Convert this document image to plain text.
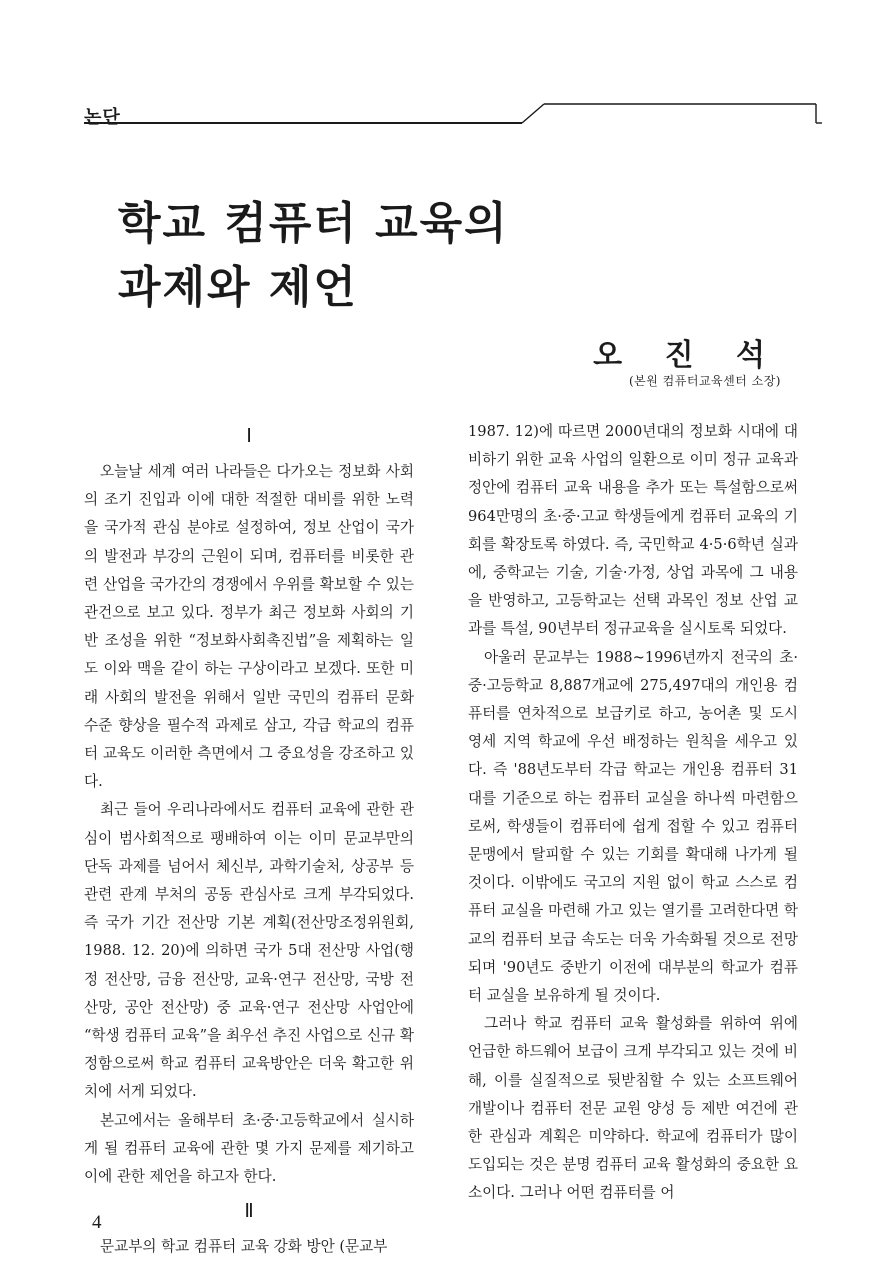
논단
학교 컴퓨터 교육의
과제와 제언
오 진 석
(본원 컴퓨터교육센터 소장)
Ⅰ

오늘날 세계 여러 나라들은 다가오는 정보화 사회의 조기 진입과 이에 대한 적절한 대비를 위한 노력을 국가적 관심 분야로 설정하여, 정보 산업이 국가의 발전과 부강의 근원이 되며, 컴퓨터를 비롯한 관련 산업을 국가간의 경쟁에서 우위를 확보할 수 있는 관건으로 보고 있다. 정부가 최근 정보화 사회의 기반 조성을 위한 “정보화사회촉진법”을 제획하는 일도 이와 맥을 같이 하는 구상이라고 보겠다. 또한 미래 사회의 발전을 위해서 일반 국민의 컴퓨터 문화 수준 향상을 필수적 과제로 삼고, 각급 학교의 컴퓨터 교육도 이러한 측면에서 그 중요성을 강조하고 있다.

최근 들어 우리나라에서도 컴퓨터 교육에 관한 관심이 범사회적으로 팽배하여 이는 이미 문교부만의 단독 과제를 넘어서 체신부, 과학기술처, 상공부 등 관련 관계 부처의 공동 관심사로 크게 부각되었다. 즉 국가 기간 전산망 기본 계획(전산망조정위원회, 1988. 12. 20)에 의하면 국가 5대 전산망 사업(행정 전산망, 금융 전산망, 교육·연구 전산망, 국방 전산망, 공안 전산망) 중 교육·연구 전산망 사업안에 “학생 컴퓨터 교육”을 최우선 추진 사업으로 신규 확정함으로써 학교 컴퓨터 교육방안은 더욱 확고한 위치에 서게 되었다.

본고에서는 올해부터 초·중·고등학교에서 실시하게 될 컴퓨터 교육에 관한 몇 가지 문제를 제기하고 이에 관한 제언을 하고자 한다.

Ⅱ

문교부의 학교 컴퓨터 교육 강화 방안 (문교부

1987. 12)에 따르면 2000년대의 정보화 시대에 대비하기 위한 교육 사업의 일환으로 이미 정규 교육과정안에 컴퓨터 교육 내용을 추가 또는 특설함으로써 964만명의 초·중·고교 학생들에게 컴퓨터 교육의 기회를 확장토록 하였다. 즉, 국민학교 4·5·6학년 실과에, 중학교는 기술, 기술·가정, 상업 과목에 그 내용을 반영하고, 고등학교는 선택 과목인 정보 산업 교과를 특설, 90년부터 정규교육을 실시토록 되었다.

아울러 문교부는 1988~1996년까지 전국의 초·중·고등학교 8,887개교에 275,497대의 개인용 컴퓨터를 연차적으로 보급키로 하고, 농어촌 및 도시 영세 지역 학교에 우선 배정하는 원칙을 세우고 있다. 즉 '88년도부터 각급 학교는 개인용 컴퓨터 31대를 기준으로 하는 컴퓨터 교실을 하나씩 마련함으로써, 학생들이 컴퓨터에 쉽게 접할 수 있고 컴퓨터 문맹에서 탈피할 수 있는 기회를 확대해 나가게 될 것이다. 이밖에도 국고의 지원 없이 학교 스스로 컴퓨터 교실을 마련해 가고 있는 열기를 고려한다면 학교의 컴퓨터 보급 속도는 더욱 가속화될 것으로 전망되며 '90년도 중반기 이전에 대부분의 학교가 컴퓨터 교실을 보유하게 될 것이다.

그러나 학교 컴퓨터 교육 활성화를 위하여 위에 언급한 하드웨어 보급이 크게 부각되고 있는 것에 비해, 이를 실질적으로 뒷받침할 수 있는 소프트웨어 개발이나 컴퓨터 전문 교원 양성 등 제반 여건에 관한 관심과 계획은 미약하다. 학교에 컴퓨터가 많이 도입되는 것은 분명 컴퓨터 교육 활성화의 중요한 요소이다. 그러나 어떤 컴퓨터를 어

4
